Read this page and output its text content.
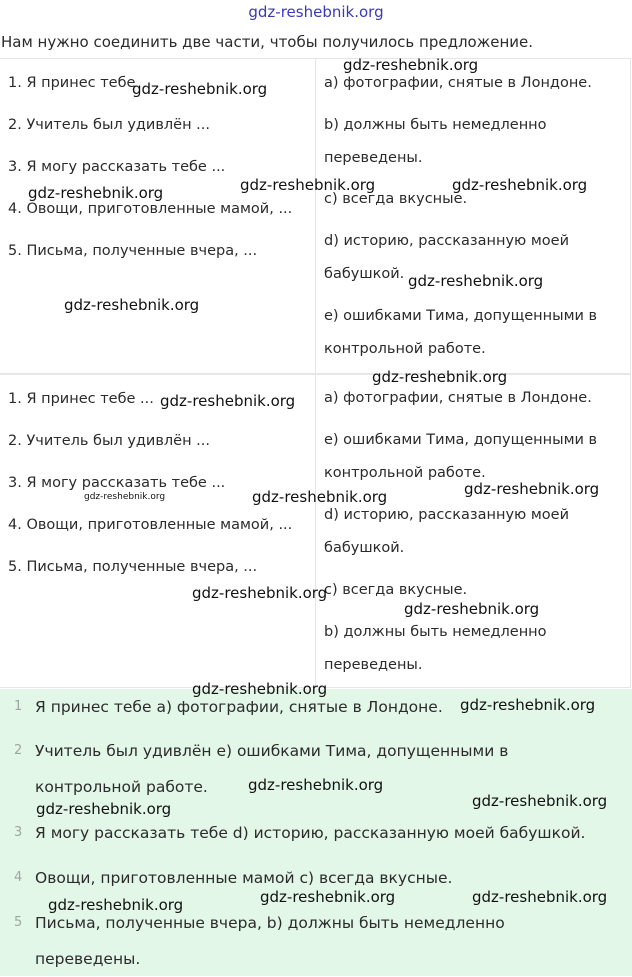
gdz-reshebnik.org
Нам нужно соединить две части, чтобы получилось предложение.
1. Я принес тебе
2. Учитель был удивлён ...
3. Я могу рассказать тебе ...
4. Овощи, приготовленные мамой, ...
5. Письма, полученные вчера, ...
a) фотографии, снятые в Лондоне.
b) должны быть немедленно переведены.
c) всегда вкусные.
d) историю, рассказанную моей бабушкой.
e) ошибками Тима, допущенными в контрольной работе.
1. Я принес тебе ...
2. Учитель был удивлён ...
3. Я могу рассказать тебе ...
4. Овощи, приготовленные мамой, ...
5. Письма, полученные вчера, ...
a) фотографии, снятые в Лондоне.
e) ошибками Тима, допущенными в контрольной работе.
d) историю, рассказанную моей бабушкой.
c) всегда вкусные.
b) должны быть немедленно переведены.
1 Я принес тебе a) фотографии, снятые в Лондоне.
2 Учитель был удивлён e) ошибками Тима, допущенными в контрольной работе.
3 Я могу рассказать тебе d) историю, рассказанную моей бабушкой.
4 Овощи, приготовленные мамой c) всегда вкусные.
5 Письма, полученные вчера, b) должны быть немедленно переведены.
gdz-reshebnik.org
gdz-reshebnik.org
gdz-reshebnik.org	gdz-reshebnik.org
gdz-reshebnik.org
gdz-reshebnik.org
gdz-reshebnik.org
gdz-reshebnik.org
gdz-reshebnik.org
gdz-reshebnik.org
gdz-reshebnik.org
gdz-reshebnik.org
gdz-reshebnik.org
gdz-reshebnik.org
gdz-reshebnik.org
gdz-reshebnik.org
gdz-reshebnik.org
gdz-reshebnik.org
gdz-reshebnik.org
gdz-reshebnik.org	gdz-reshebnik.org
gdz-reshebnik.org
